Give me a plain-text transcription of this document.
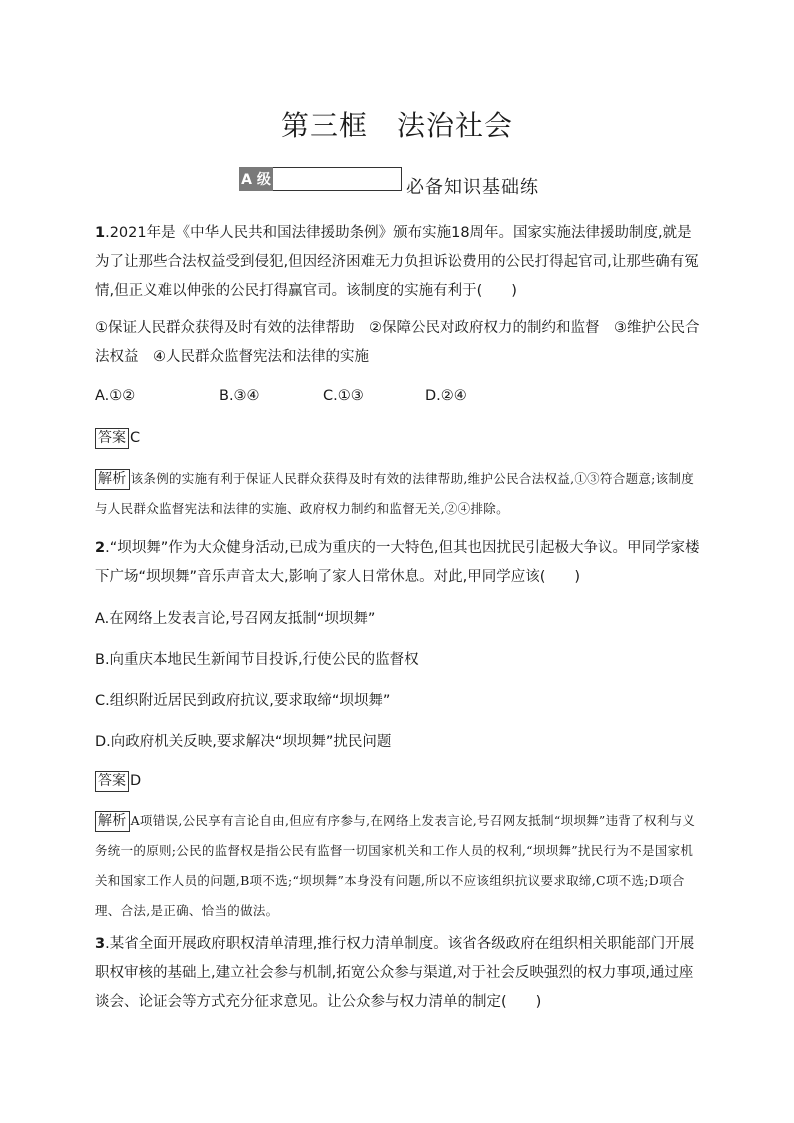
第三框　法治社会
A 级	必备知识基础练
1.2021年是《中华人民共和国法律援助条例》颁布实施18周年。国家实施法律援助制度,就是为了让那些合法权益受到侵犯,但因经济困难无力负担诉讼费用的公民打得起官司,让那些确有冤情,但正义难以伸张的公民打得赢官司。该制度的实施有利于(　　)
①保证人民群众获得及时有效的法律帮助　②保障公民对政府权力的制约和监督　③维护公民合法权益　④人民群众监督宪法和法律的实施
A.①②	B.③④	C.①③	D.②④
答案 C
解析 该条例的实施有利于保证人民群众获得及时有效的法律帮助,维护公民合法权益,①③符合题意;该制度与人民群众监督宪法和法律的实施、政府权力制约和监督无关,②④排除。
2.“坝坝舞”作为大众健身活动,已成为重庆的一大特色,但其也因扰民引起极大争议。甲同学家楼下广场“坝坝舞”音乐声音太大,影响了家人日常休息。对此,甲同学应该(　　)
A.在网络上发表言论,号召网友抵制“坝坝舞”
B.向重庆本地民生新闻节目投诉,行使公民的监督权
C.组织附近居民到政府抗议,要求取缔“坝坝舞”
D.向政府机关反映,要求解决“坝坝舞”扰民问题
答案 D
解析 A项错误,公民享有言论自由,但应有序参与,在网络上发表言论,号召网友抵制“坝坝舞”违背了权利与义务统一的原则;公民的监督权是指公民有监督一切国家机关和工作人员的权利,“坝坝舞”扰民行为不是国家机关和国家工作人员的问题,B项不选;“坝坝舞”本身没有问题,所以不应该组织抗议要求取缔,C项不选;D项合理、合法,是正确、恰当的做法。
3.某省全面开展政府职权清单清理,推行权力清单制度。该省各级政府在组织相关职能部门开展职权审核的基础上,建立社会参与机制,拓宽公众参与渠道,对于社会反映强烈的权力事项,通过座谈会、论证会等方式充分征求意见。让公众参与权力清单的制定(　　)
